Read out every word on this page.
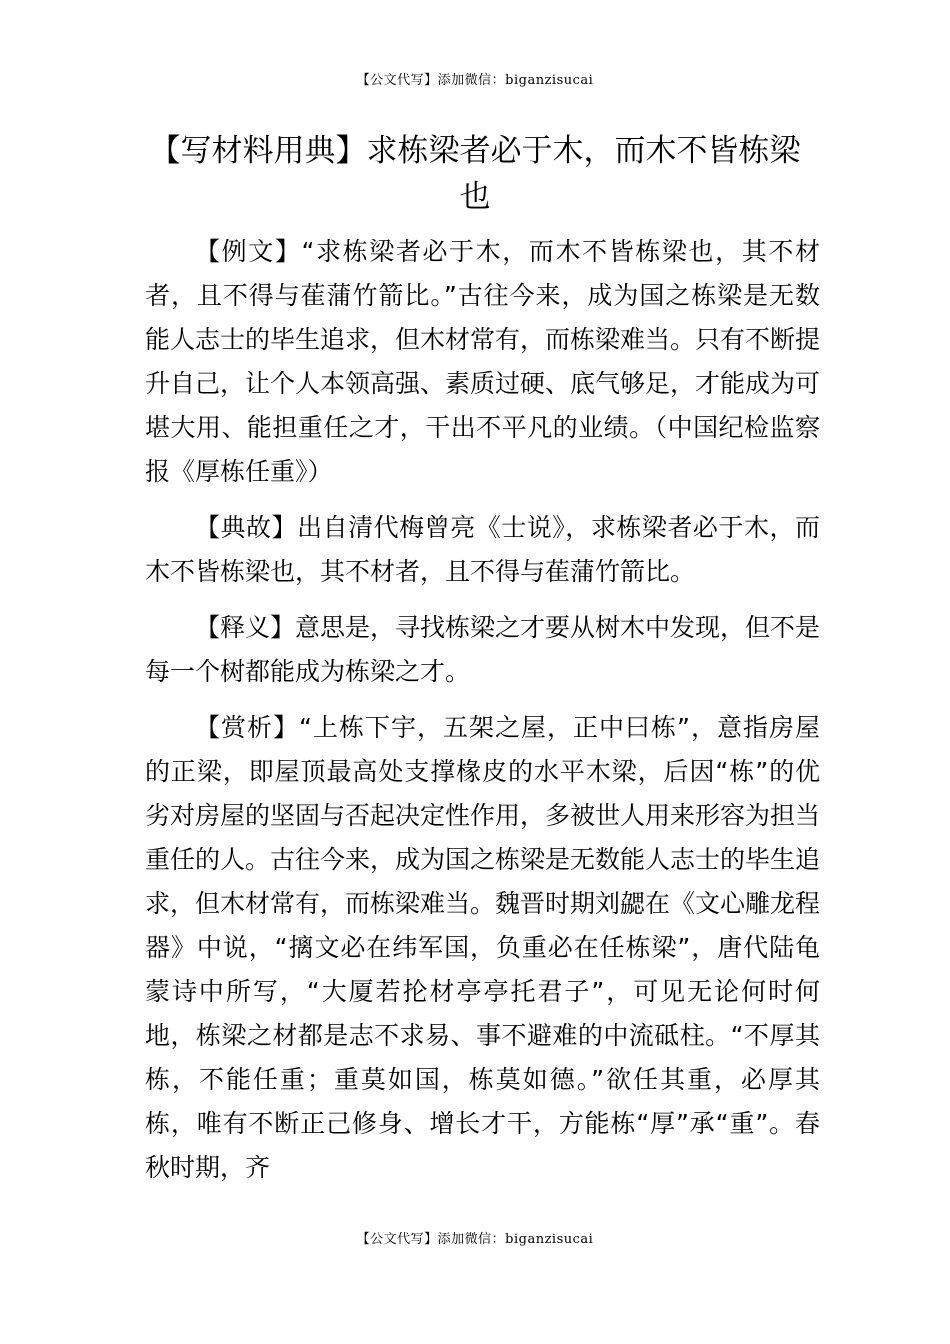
【公文代写】添加微信：biganzisucai
【写材料用典】求栋梁者必于木，而木不皆栋梁也

【例文】“求栋梁者必于木，而木不皆栋梁也，其不材者，且不得与萑蒲竹箭比。”古往今来，成为国之栋梁是无数能人志士的毕生追求，但木材常有，而栋梁难当。只有不断提升自己，让个人本领高强、素质过硬、底气够足，才能成为可堪大用、能担重任之才，干出不平凡的业绩。（中国纪检监察报《厚栋任重》）

【典故】出自清代梅曾亮《士说》，求栋梁者必于木，而木不皆栋梁也，其不材者，且不得与萑蒲竹箭比。

【释义】意思是，寻找栋梁之才要从树木中发现，但不是每一个树都能成为栋梁之才。

【赏析】“上栋下宇，五架之屋，正中曰栋”，意指房屋的正梁，即屋顶最高处支撑椽皮的水平木梁，后因“栋”的优劣对房屋的坚固与否起决定性作用，多被世人用来形容为担当重任的人。古往今来，成为国之栋梁是无数能人志士的毕生追求，但木材常有，而栋梁难当。魏晋时期刘勰在《文心雕龙程器》中说，“摛文必在纬军国，负重必在任栋梁”，唐代陆龟蒙诗中所写，“大厦若抡材亭亭托君子”，可见无论何时何地，栋梁之材都是志不求易、事不避难的中流砥柱。“不厚其栋，不能任重；重莫如国，栋莫如德。”欲任其重，必厚其栋，唯有不断正己修身、增长才干，方能栋“厚”承“重”。春秋时期，齐

【公文代写】添加微信：biganzisucai
